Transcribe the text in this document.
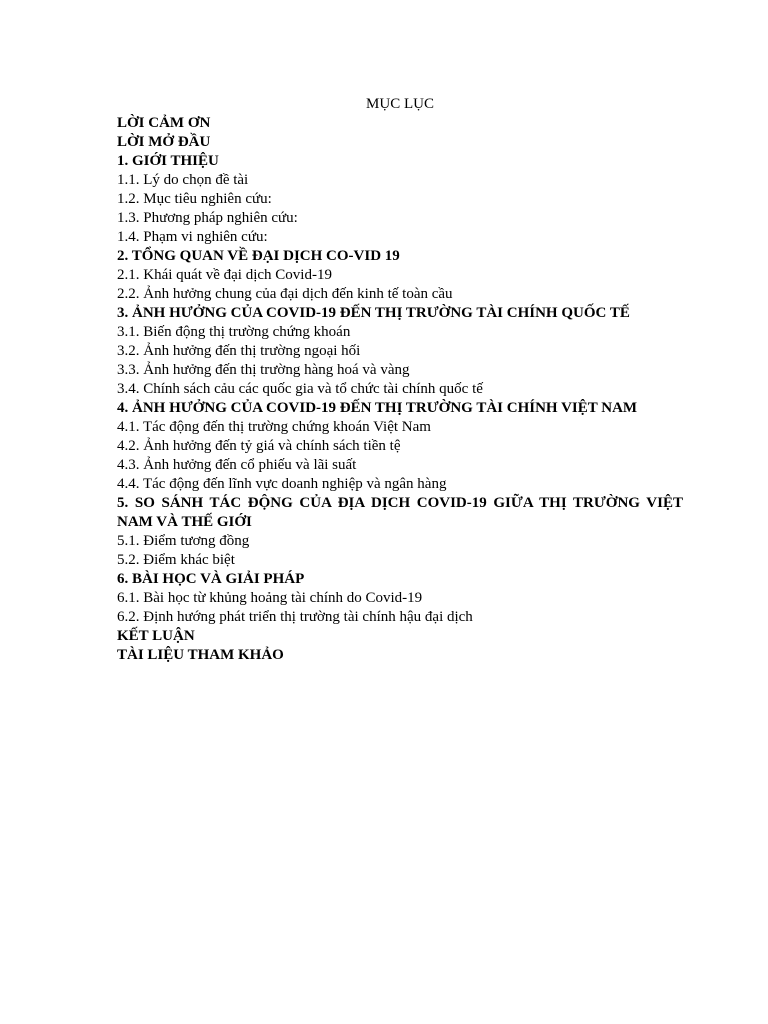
MỤC LỤC

LỜI CẢM ƠN

LỜI MỞ ĐẦU

1. GIỚI THIỆU

1.1. Lý do chọn đề tài

1.2. Mục tiêu nghiên cứu:

1.3. Phương pháp nghiên cứu:

1.4. Phạm vi nghiên cứu:

2. TỔNG QUAN VỀ ĐẠI DỊCH CO-VID 19

2.1. Khái quát về đại dịch Covid-19

2.2. Ảnh hưởng chung của đại dịch đến kinh tế toàn cầu

3. ẢNH HƯỞNG CỦA COVID-19 ĐẾN THỊ TRƯỜNG TÀI CHÍNH QUỐC TẾ

3.1. Biến động thị trường chứng khoán

3.2. Ảnh hưởng đến thị trường ngoại hối

3.3. Ảnh hưởng đến thị trường hàng hoá và vàng

3.4. Chính sách cảu các quốc gia và tổ chức tài chính quốc tế

4. ẢNH HƯỞNG CỦA COVID-19 ĐẾN THỊ TRƯỜNG TÀI CHÍNH VIỆT NAM

4.1. Tác động đến thị trường chứng khoán Việt Nam

4.2. Ảnh hưởng đến tỷ giá và chính sách tiền tệ

4.3. Ảnh hưởng đến cổ phiếu và lãi suất

4.4. Tác động đến lĩnh vực doanh nghiệp và ngân hàng

5. SO SÁNH TÁC ĐỘNG CỦA ĐỊA DỊCH COVID-19 GIỮA THỊ TRƯỜNG VIỆT NAM VÀ THẾ GIỚI

5.1. Điểm tương đồng

5.2. Điểm khác biệt

6. BÀI HỌC VÀ GIẢI PHÁP

6.1. Bài học từ khủng hoảng tài chính do Covid-19

6.2. Định hướng phát triển thị trường tài chính hậu đại dịch

KẾT LUẬN

TÀI LIỆU THAM KHẢO
